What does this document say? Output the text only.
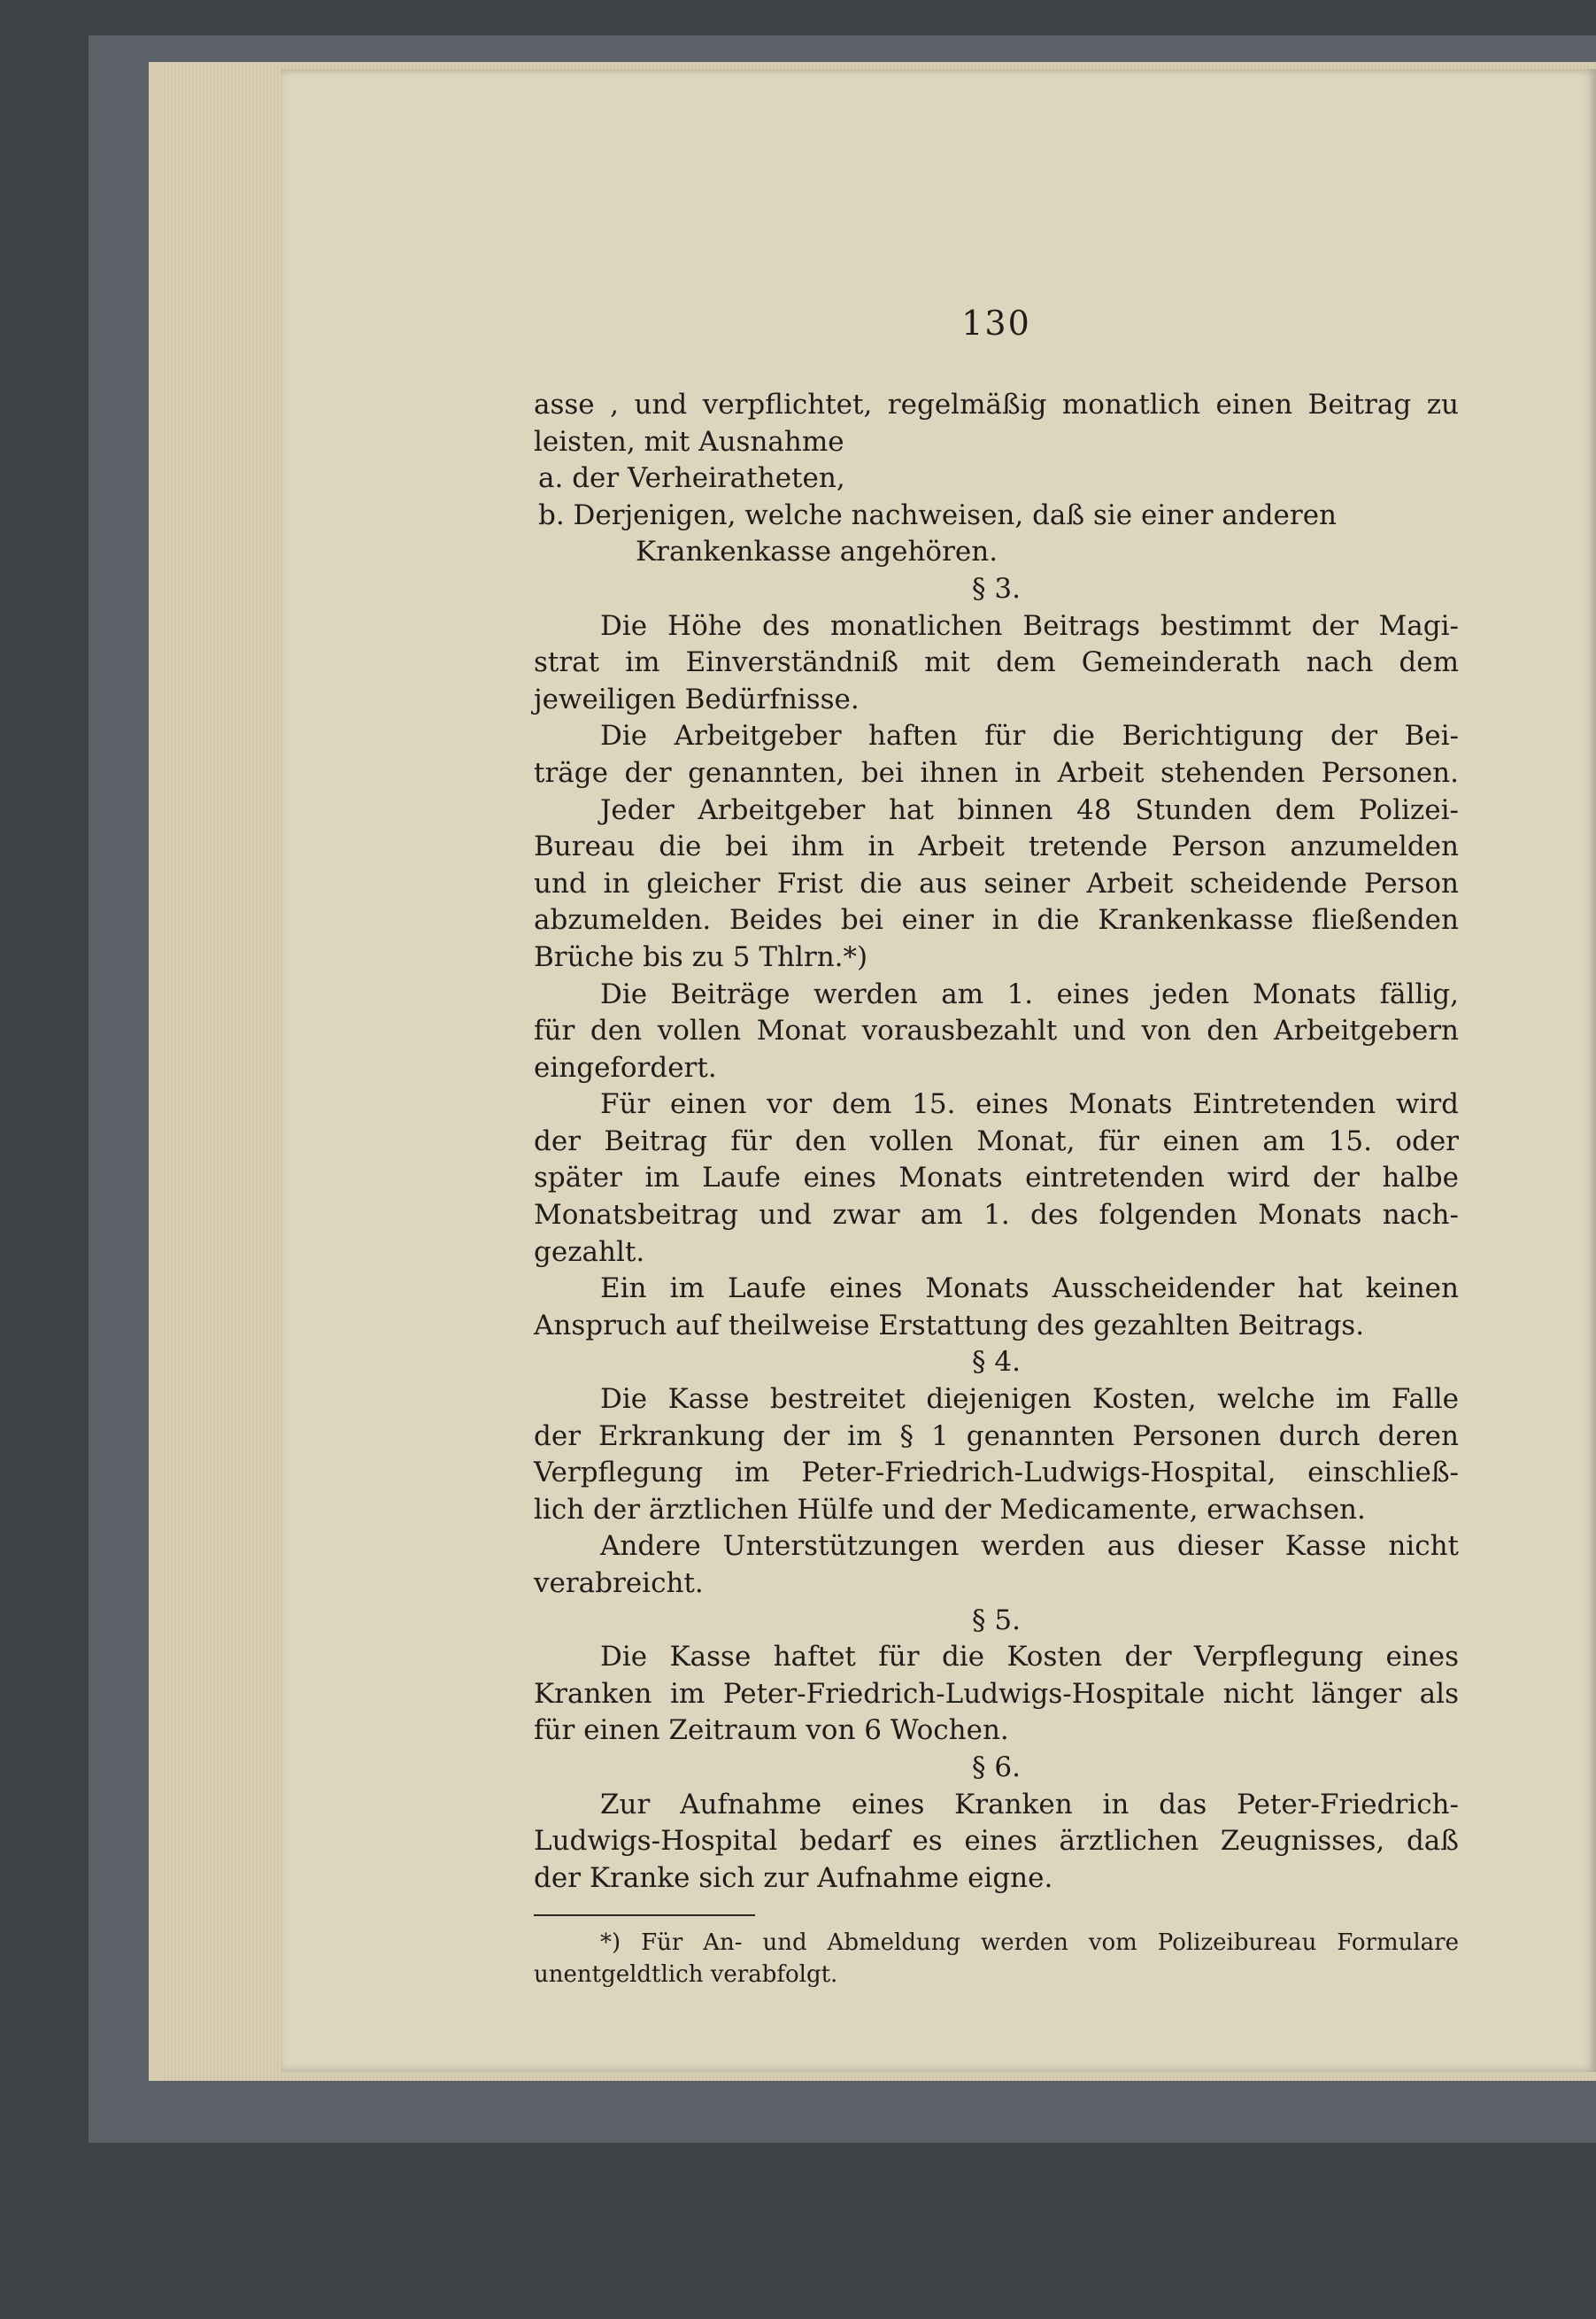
130
asse , und verpflichtet, regelmäßig monatlich einen Beitrag zu
leisten, mit Ausnahme
a. der Verheiratheten,
b. Derjenigen, welche nachweisen, daß sie einer anderen
Krankenkasse angehören.
§ 3.
Die Höhe des monatlichen Beitrags bestimmt der Magi-
strat im Einverständniß mit dem Gemeinderath nach dem
jeweiligen Bedürfnisse.
Die Arbeitgeber haften für die Berichtigung der Bei-
träge der genannten, bei ihnen in Arbeit stehenden Personen.
Jeder Arbeitgeber hat binnen 48 Stunden dem Polizei-
Bureau die bei ihm in Arbeit tretende Person anzumelden
und in gleicher Frist die aus seiner Arbeit scheidende Person
abzumelden. Beides bei einer in die Krankenkasse fließenden
Brüche bis zu 5 Thlrn.*)
Die Beiträge werden am 1. eines jeden Monats fällig,
für den vollen Monat vorausbezahlt und von den Arbeitgebern
eingefordert.
Für einen vor dem 15. eines Monats Eintretenden wird
der Beitrag für den vollen Monat, für einen am 15. oder
später im Laufe eines Monats eintretenden wird der halbe
Monatsbeitrag und zwar am 1. des folgenden Monats nach-
gezahlt.
Ein im Laufe eines Monats Ausscheidender hat keinen
Anspruch auf theilweise Erstattung des gezahlten Beitrags.
§ 4.
Die Kasse bestreitet diejenigen Kosten, welche im Falle
der Erkrankung der im § 1 genannten Personen durch deren
Verpflegung im Peter-Friedrich-Ludwigs-Hospital, einschließ-
lich der ärztlichen Hülfe und der Medicamente, erwachsen.
Andere Unterstützungen werden aus dieser Kasse nicht
verabreicht.
§ 5.
Die Kasse haftet für die Kosten der Verpflegung eines
Kranken im Peter-Friedrich-Ludwigs-Hospitale nicht länger als
für einen Zeitraum von 6 Wochen.
§ 6.
Zur Aufnahme eines Kranken in das Peter-Friedrich-
Ludwigs-Hospital bedarf es eines ärztlichen Zeugnisses, daß
der Kranke sich zur Aufnahme eigne.
*) Für An- und Abmeldung werden vom Polizeibureau Formulare
unentgeldtlich verabfolgt.
